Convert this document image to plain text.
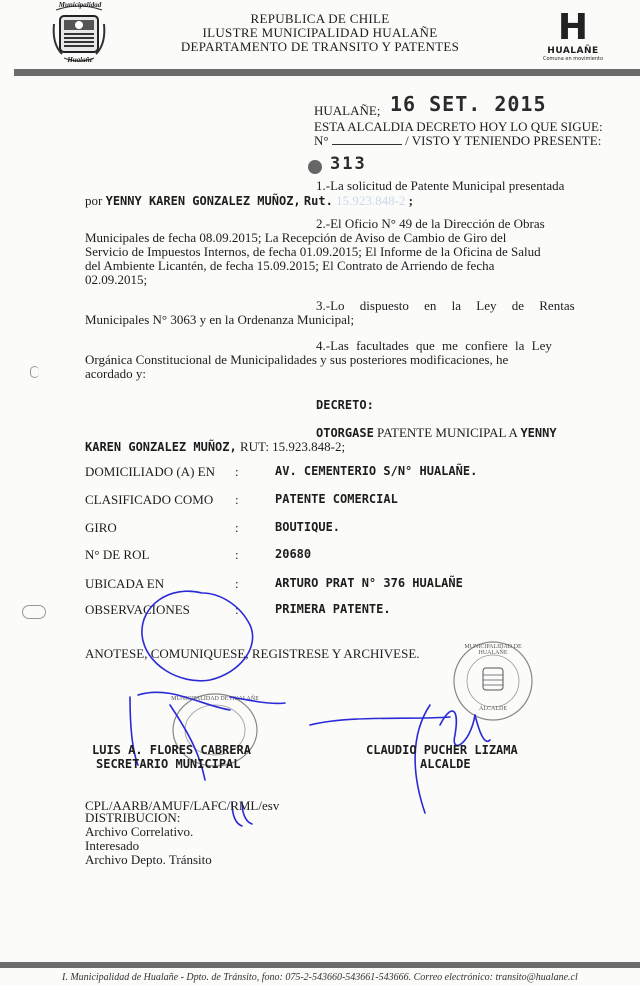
Municipalidad
Hualañe
REPUBLICA DE CHILE
ILUSTRE MUNICIPALIDAD HUALAÑE
DEPARTAMENTO DE TRANSITO Y PATENTES	H
HUALAÑE
Comuna en movimiento
HUALAÑE; 16 SET. 2015
ESTA ALCALDIA DECRETO HOY LO QUE SIGUE:
N°	/ VISTO Y TENIENDO PRESENTE:
313
1.-La solicitud de Patente Municipal presentada
por YENNY KAREN GONZALEZ MUÑOZ, Rut. 15.923.848-2 ;
2.-El Oficio N° 49 de la Dirección de Obras
Municipales de fecha 08.09.2015; La Recepción de Aviso de Cambio de Giro del
Servicio de Impuestos Internos, de fecha 01.09.2015; El Informe de la Oficina de Salud
del Ambiente Licantén, de fecha 15.09.2015; El Contrato de Arriendo de fecha
02.09.2015;
3.-Lo dispuesto en la Ley de Rentas
Municipales N° 3063 y en la Ordenanza Municipal;
4.-Las facultades que me confiere la Ley
Orgánica Constitucional de Municipalidades y sus posteriores modificaciones, he
acordado y:
DECRETO:
OTORGASE PATENTE MUNICIPAL A YENNY
KAREN GONZALEZ MUÑOZ, RUT: 15.923.848-2;
DOMICILIADO (A) EN :	AV. CEMENTERIO S/N° HUALAÑE.
CLASIFICADO COMO :	PATENTE COMERCIAL
GIRO	:	BOUTIQUE.
N° DE ROL	:	20680
UBICADA EN	:	ARTURO PRAT N° 376 HUALAÑE
OBSERVACIONES	:	PRIMERA PATENTE.
ANOTESE, COMUNIQUESE, REGISTRESE Y ARCHIVESE.
MUNICIPALIDAD DE HUALAÑE
MUNICIPALIDAD DE HUALAÑE
ALCALDE
LUIS A. FLORES CABRERA
SECRETARIO MUNICIPAL
CLAUDIO PUCHER LIZAMA
ALCALDE
CPL/AARB/AMUF/LAFC/RML/esv
DISTRIBUCION:
Archivo Correlativo.
Interesado
Archivo Depto. Tránsito
I. Municipalidad de Hualañe - Dpto. de Tránsito, fono: 075-2-543660-543661-543666. Correo electrónico: transito@hualane.cl
